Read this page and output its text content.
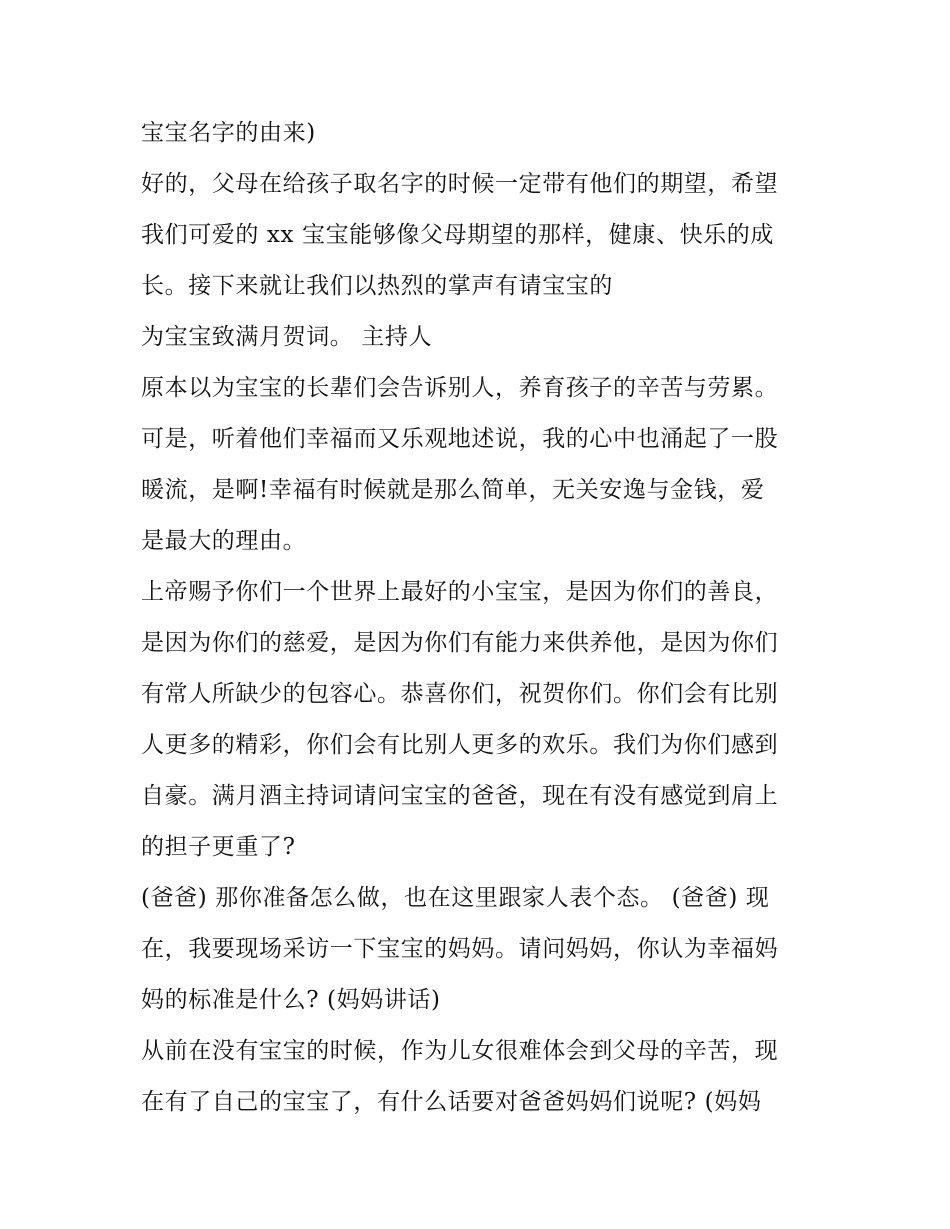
宝宝名字的由来)
好的，父母在给孩子取名字的时候一定带有他们的期望，希望
我们可爱的 xx 宝宝能够像父母期望的那样，健康、快乐的成
长。接下来就让我们以热烈的掌声有请宝宝的
为宝宝致满月贺词。 主持人
原本以为宝宝的长辈们会告诉别人，养育孩子的辛苦与劳累。
可是，听着他们幸福而又乐观地述说，我的心中也涌起了一股
暖流，是啊!幸福有时候就是那么简单，无关安逸与金钱，爱
是最大的理由。
上帝赐予你们一个世界上最好的小宝宝，是因为你们的善良，
是因为你们的慈爱，是因为你们有能力来供养他，是因为你们
有常人所缺少的包容心。恭喜你们，祝贺你们。你们会有比别
人更多的精彩，你们会有比别人更多的欢乐。我们为你们感到
自豪。满月酒主持词请问宝宝的爸爸，现在有没有感觉到肩上
的担子更重了?
(爸爸) 那你准备怎么做，也在这里跟家人表个态。 (爸爸) 现
在，我要现场采访一下宝宝的妈妈。请问妈妈，你认为幸福妈
妈的标准是什么? (妈妈讲话)
从前在没有宝宝的时候，作为儿女很难体会到父母的辛苦，现
在有了自己的宝宝了，有什么话要对爸爸妈妈们说呢? (妈妈
